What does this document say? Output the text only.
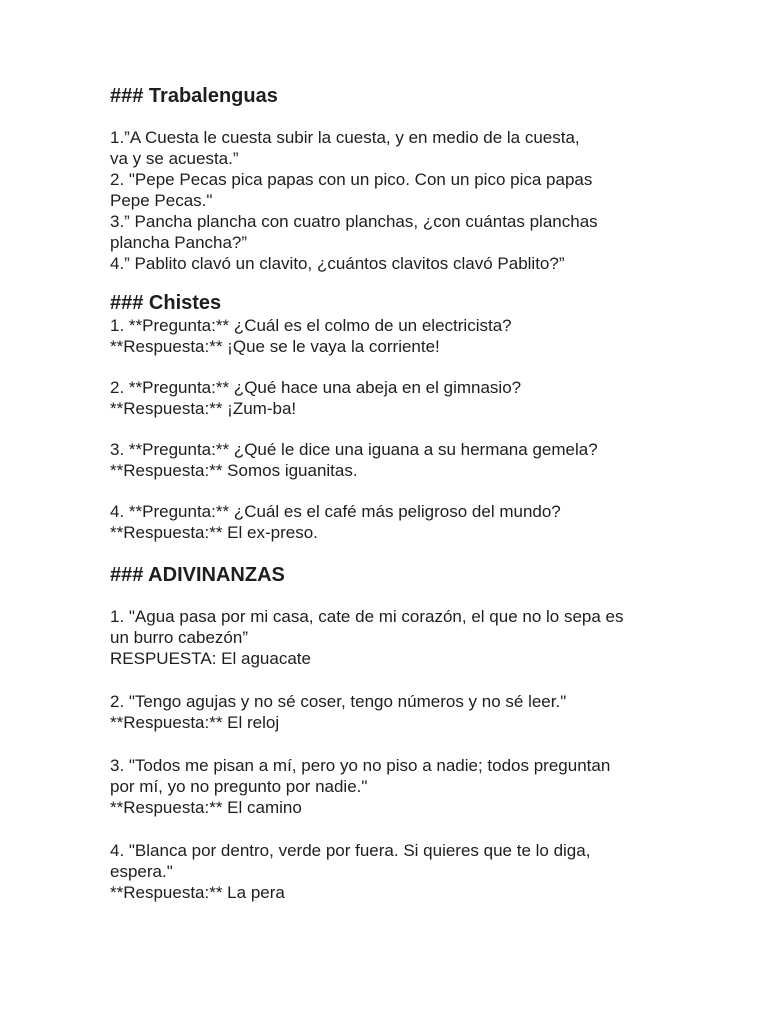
### Trabalenguas

1.”A Cuesta le cuesta subir la cuesta, y en medio de la cuesta,

va y se acuesta.”

2. "Pepe Pecas pica papas con un pico. Con un pico pica papas

Pepe Pecas."

3.” Pancha plancha con cuatro planchas, ¿con cuántas planchas

plancha Pancha?”

4.” Pablito clavó un clavito, ¿cuántos clavitos clavó Pablito?”

### Chistes

1. **Pregunta:** ¿Cuál es el colmo de un electricista?

**Respuesta:** ¡Que se le vaya la corriente!

2. **Pregunta:** ¿Qué hace una abeja en el gimnasio?

**Respuesta:** ¡Zum-ba!

3. **Pregunta:** ¿Qué le dice una iguana a su hermana gemela?

**Respuesta:** Somos iguanitas.

4. **Pregunta:** ¿Cuál es el café más peligroso del mundo?

**Respuesta:** El ex-preso.

### ADIVINANZAS

1. "Agua pasa por mi casa, cate de mi corazón, el que no lo sepa es

un burro cabezón”

RESPUESTA: El aguacate

2. "Tengo agujas y no sé coser, tengo números y no sé leer."

**Respuesta:** El reloj

3. "Todos me pisan a mí, pero yo no piso a nadie; todos preguntan

por mí, yo no pregunto por nadie."

**Respuesta:** El camino

4. "Blanca por dentro, verde por fuera. Si quieres que te lo diga,

espera."

**Respuesta:** La pera
